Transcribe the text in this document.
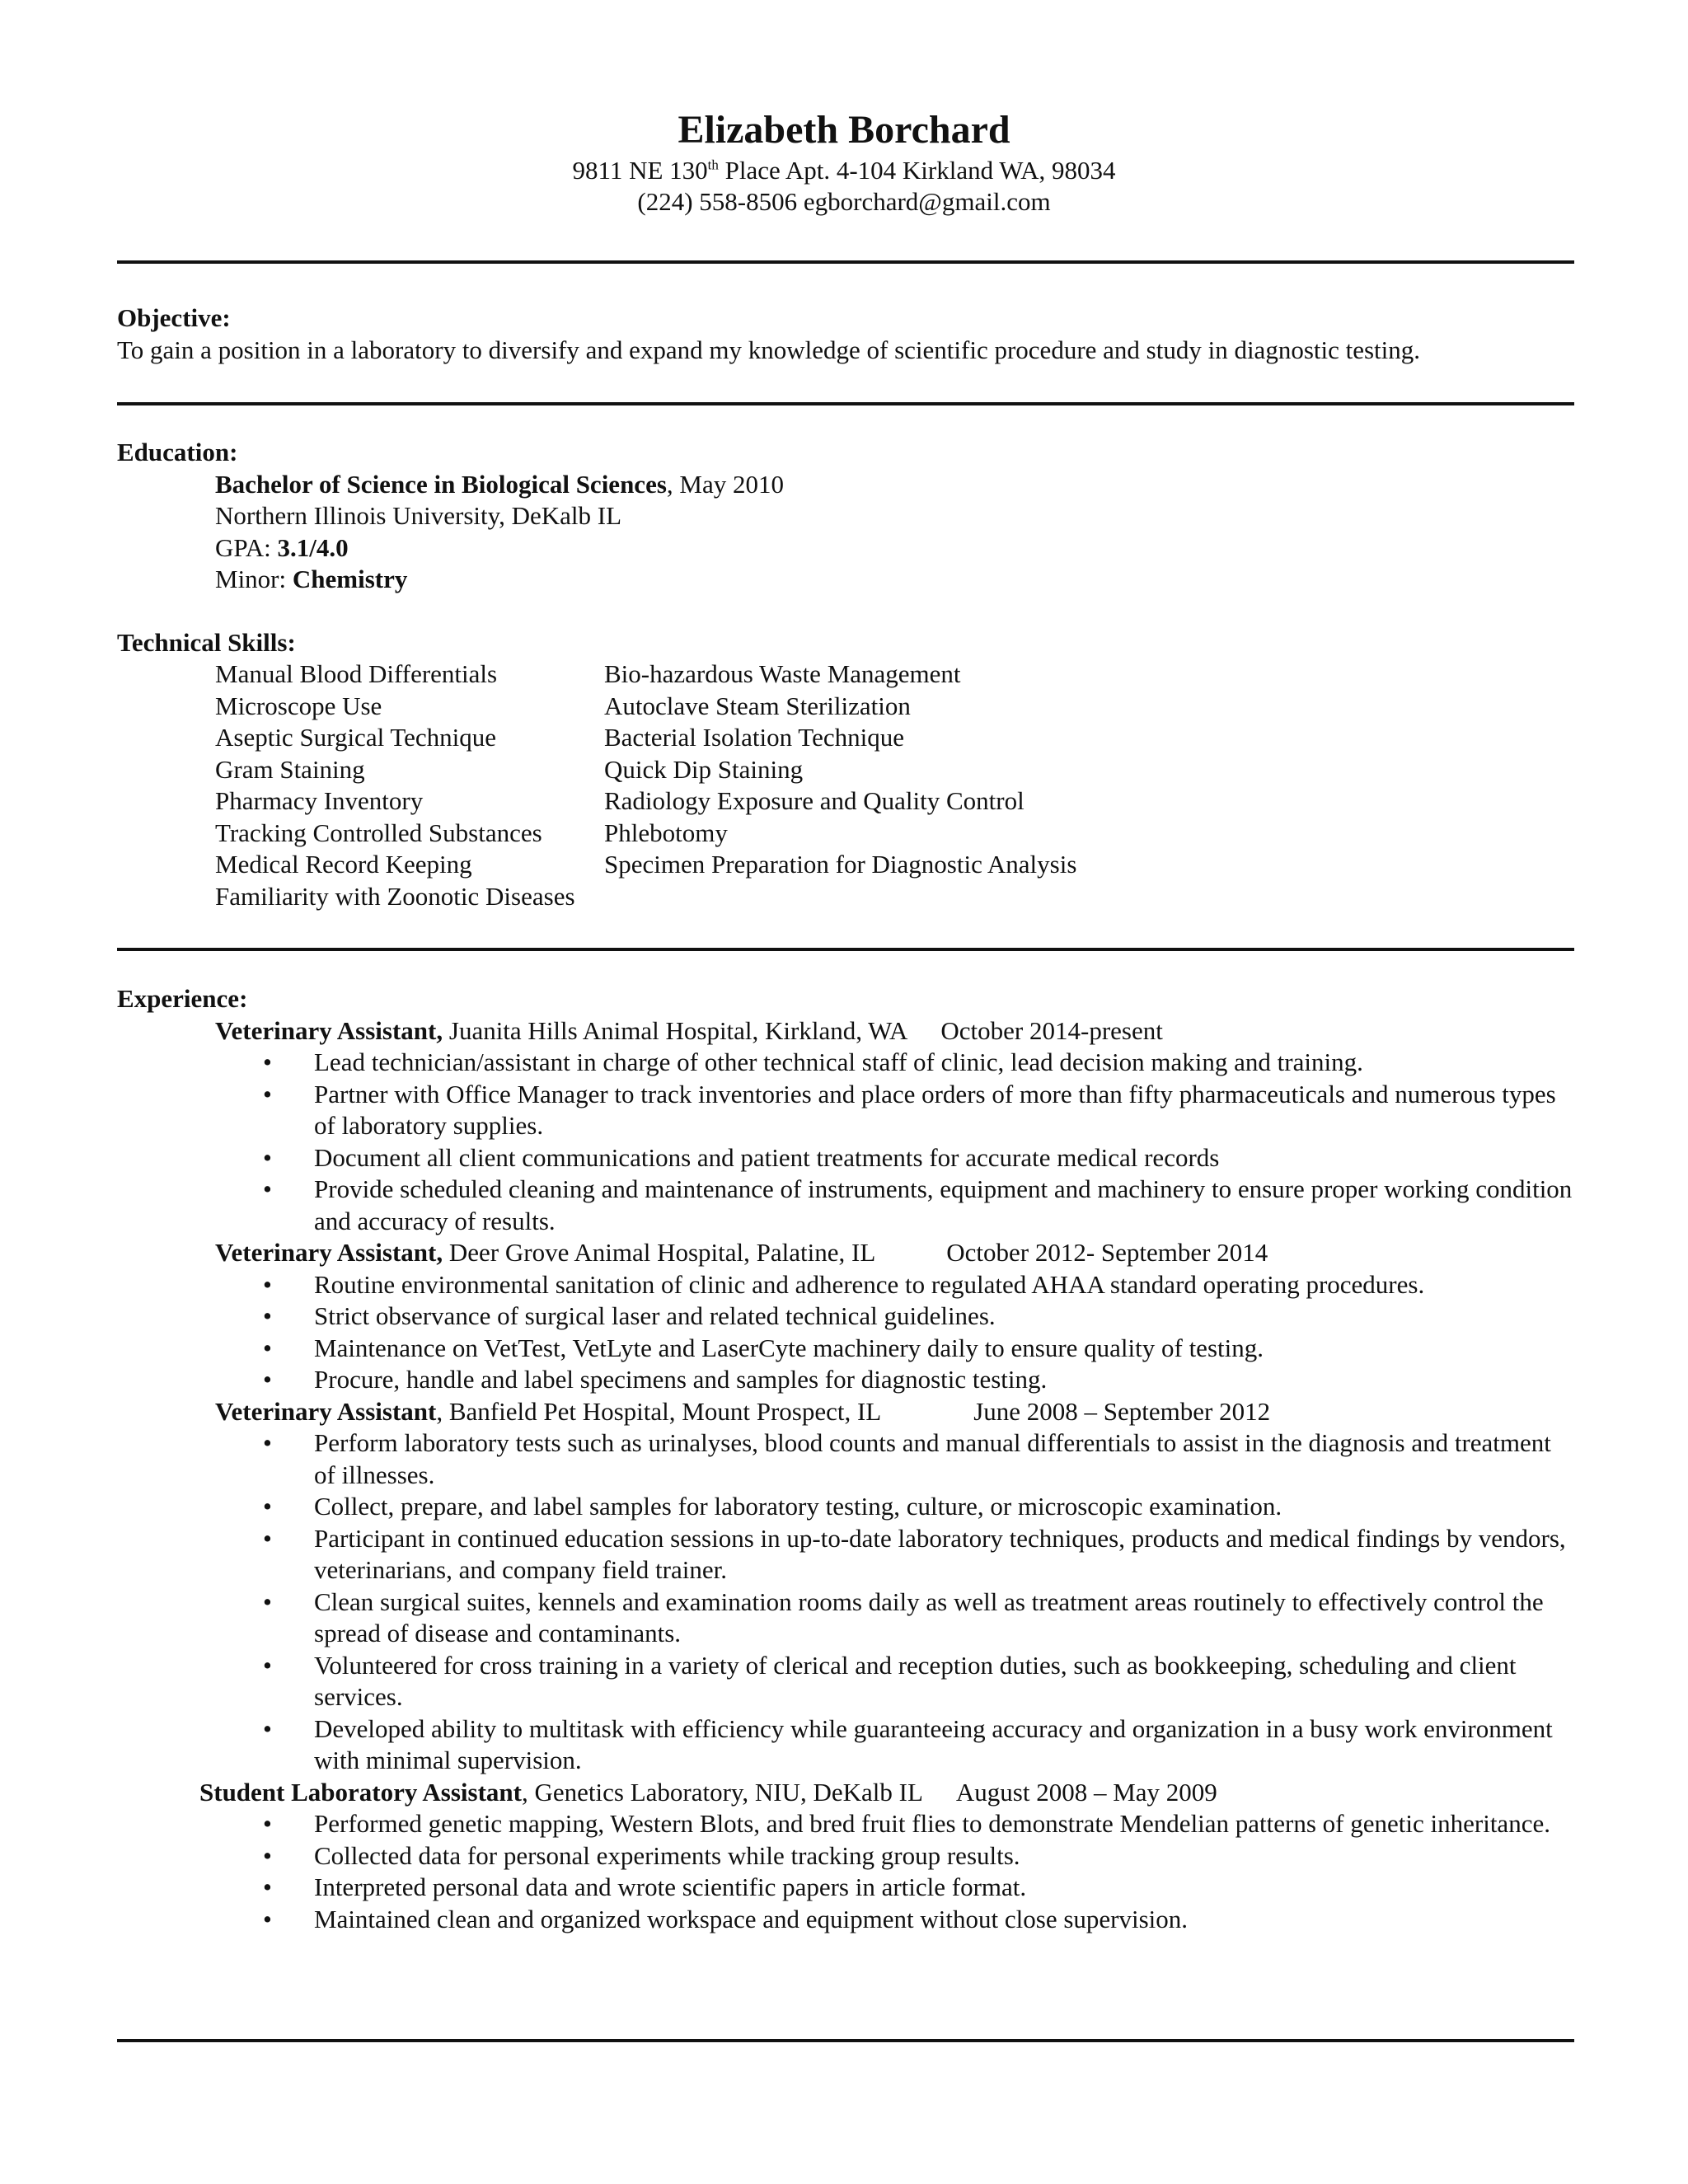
Elizabeth Borchard
9811 NE 130th Place Apt. 4-104 Kirkland WA, 98034
(224) 558-8506 egborchard@gmail.com
Objective:
To gain a position in a laboratory to diversify and expand my knowledge of scientific procedure and study in diagnostic testing.
Education:
Bachelor of Science in Biological Sciences, May 2010
Northern Illinois University, DeKalb IL
GPA: 3.1/4.0
Minor: Chemistry
Technical Skills:
Manual Blood Differentials	Bio-hazardous Waste Management
Microscope Use	Autoclave Steam Sterilization
Aseptic Surgical Technique	Bacterial Isolation Technique
Gram Staining	Quick Dip Staining
Pharmacy Inventory	Radiology Exposure and Quality Control
Tracking Controlled Substances	Phlebotomy
Medical Record Keeping	Specimen Preparation for Diagnostic Analysis
Familiarity with Zoonotic Diseases
Experience:
Veterinary Assistant, Juanita Hills Animal Hospital, Kirkland, WA October 2014-present
• Lead technician/assistant in charge of other technical staff of clinic, lead decision making and training.
• Partner with Office Manager to track inventories and place orders of more than fifty pharmaceuticals and numerous types of laboratory supplies.
• Document all client communications and patient treatments for accurate medical records
• Provide scheduled cleaning and maintenance of instruments, equipment and machinery to ensure proper working condition and accuracy of results.
Veterinary Assistant, Deer Grove Animal Hospital, Palatine, IL	October 2012- September 2014
• Routine environmental sanitation of clinic and adherence to regulated AHAA standard operating procedures.
• Strict observance of surgical laser and related technical guidelines.
• Maintenance on VetTest, VetLyte and LaserCyte machinery daily to ensure quality of testing.
• Procure, handle and label specimens and samples for diagnostic testing.
Veterinary Assistant, Banfield Pet Hospital, Mount Prospect, IL	June 2008 – September 2012
• Perform laboratory tests such as urinalyses, blood counts and manual differentials to assist in the diagnosis and treatment of illnesses.
• Collect, prepare, and label samples for laboratory testing, culture, or microscopic examination.
• Participant in continued education sessions in up-to-date laboratory techniques, products and medical findings by vendors, veterinarians, and company field trainer.
• Clean surgical suites, kennels and examination rooms daily as well as treatment areas routinely to effectively control the spread of disease and contaminants.
• Volunteered for cross training in a variety of clerical and reception duties, such as bookkeeping, scheduling and client services.
• Developed ability to multitask with efficiency while guaranteeing accuracy and organization in a busy work environment with minimal supervision.
Student Laboratory Assistant, Genetics Laboratory, NIU, DeKalb IL August 2008 – May 2009
• Performed genetic mapping, Western Blots, and bred fruit flies to demonstrate Mendelian patterns of genetic inheritance.
• Collected data for personal experiments while tracking group results.
• Interpreted personal data and wrote scientific papers in article format.
• Maintained clean and organized workspace and equipment without close supervision.
